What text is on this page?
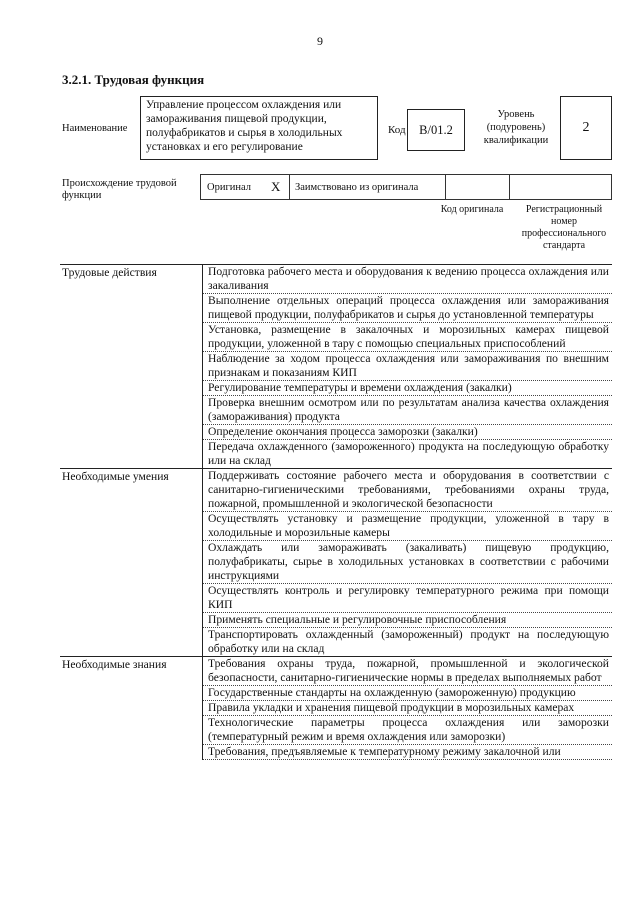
9
3.2.1. Трудовая функция
Наименование
Управление процессом охлаждения или замораживания пищевой продукции, полуфабрикатов и сырья в холодильных установках и его регулирование
Код	B/01.2
Уровень (подуровень) квалификации
2
Происхождение трудовой функции
Оригинал X Заимствовано из оригинала
Код оригинала	Регистрационный номер профессионального стандарта
Трудовые действия	Подготовка рабочего места и оборудования к ведению процесса охлаждения или закаливания
	Выполнение отдельных операций процесса охлаждения или замораживания пищевой продукции, полуфабрикатов и сырья до установленной температуры
	Установка, размещение в закалочных и морозильных камерах пищевой продукции, уложенной в тару с помощью специальных приспособлений
	Наблюдение за ходом процесса охлаждения или замораживания по внешним признакам и показаниям КИП
	Регулирование температуры и времени охлаждения (закалки)
	Проверка внешним осмотром или по результатам анализа качества охлаждения (замораживания) продукта
	Определение окончания процесса заморозки (закалки)
	Передача охлажденного (замороженного) продукта на последующую обработку или на склад
Необходимые умения	Поддерживать состояние рабочего места и оборудования в соответствии с санитарно-гигиеническими требованиями, требованиями охраны труда, пожарной, промышленной и экологической безопасности
	Осуществлять установку и размещение продукции, уложенной в тару в холодильные и морозильные камеры
	Охлаждать или замораживать (закаливать) пищевую продукцию, полуфабрикаты, сырье в холодильных установках в соответствии с рабочими инструкциями
	Осуществлять контроль и регулировку температурного режима при помощи КИП
	Применять специальные и регулировочные приспособления
	Транспортировать охлажденный (замороженный) продукт на последующую обработку или на склад
Необходимые знания	Требования охраны труда, пожарной, промышленной и экологической безопасности, санитарно-гигиенические нормы в пределах выполняемых работ
	Государственные стандарты на охлажденную (замороженную) продукцию
	Правила укладки и хранения пищевой продукции в морозильных камерах
	Технологические параметры процесса охлаждения или заморозки (температурный режим и время охлаждения или заморозки)
	Требования, предъявляемые к температурному режиму закалочной или
